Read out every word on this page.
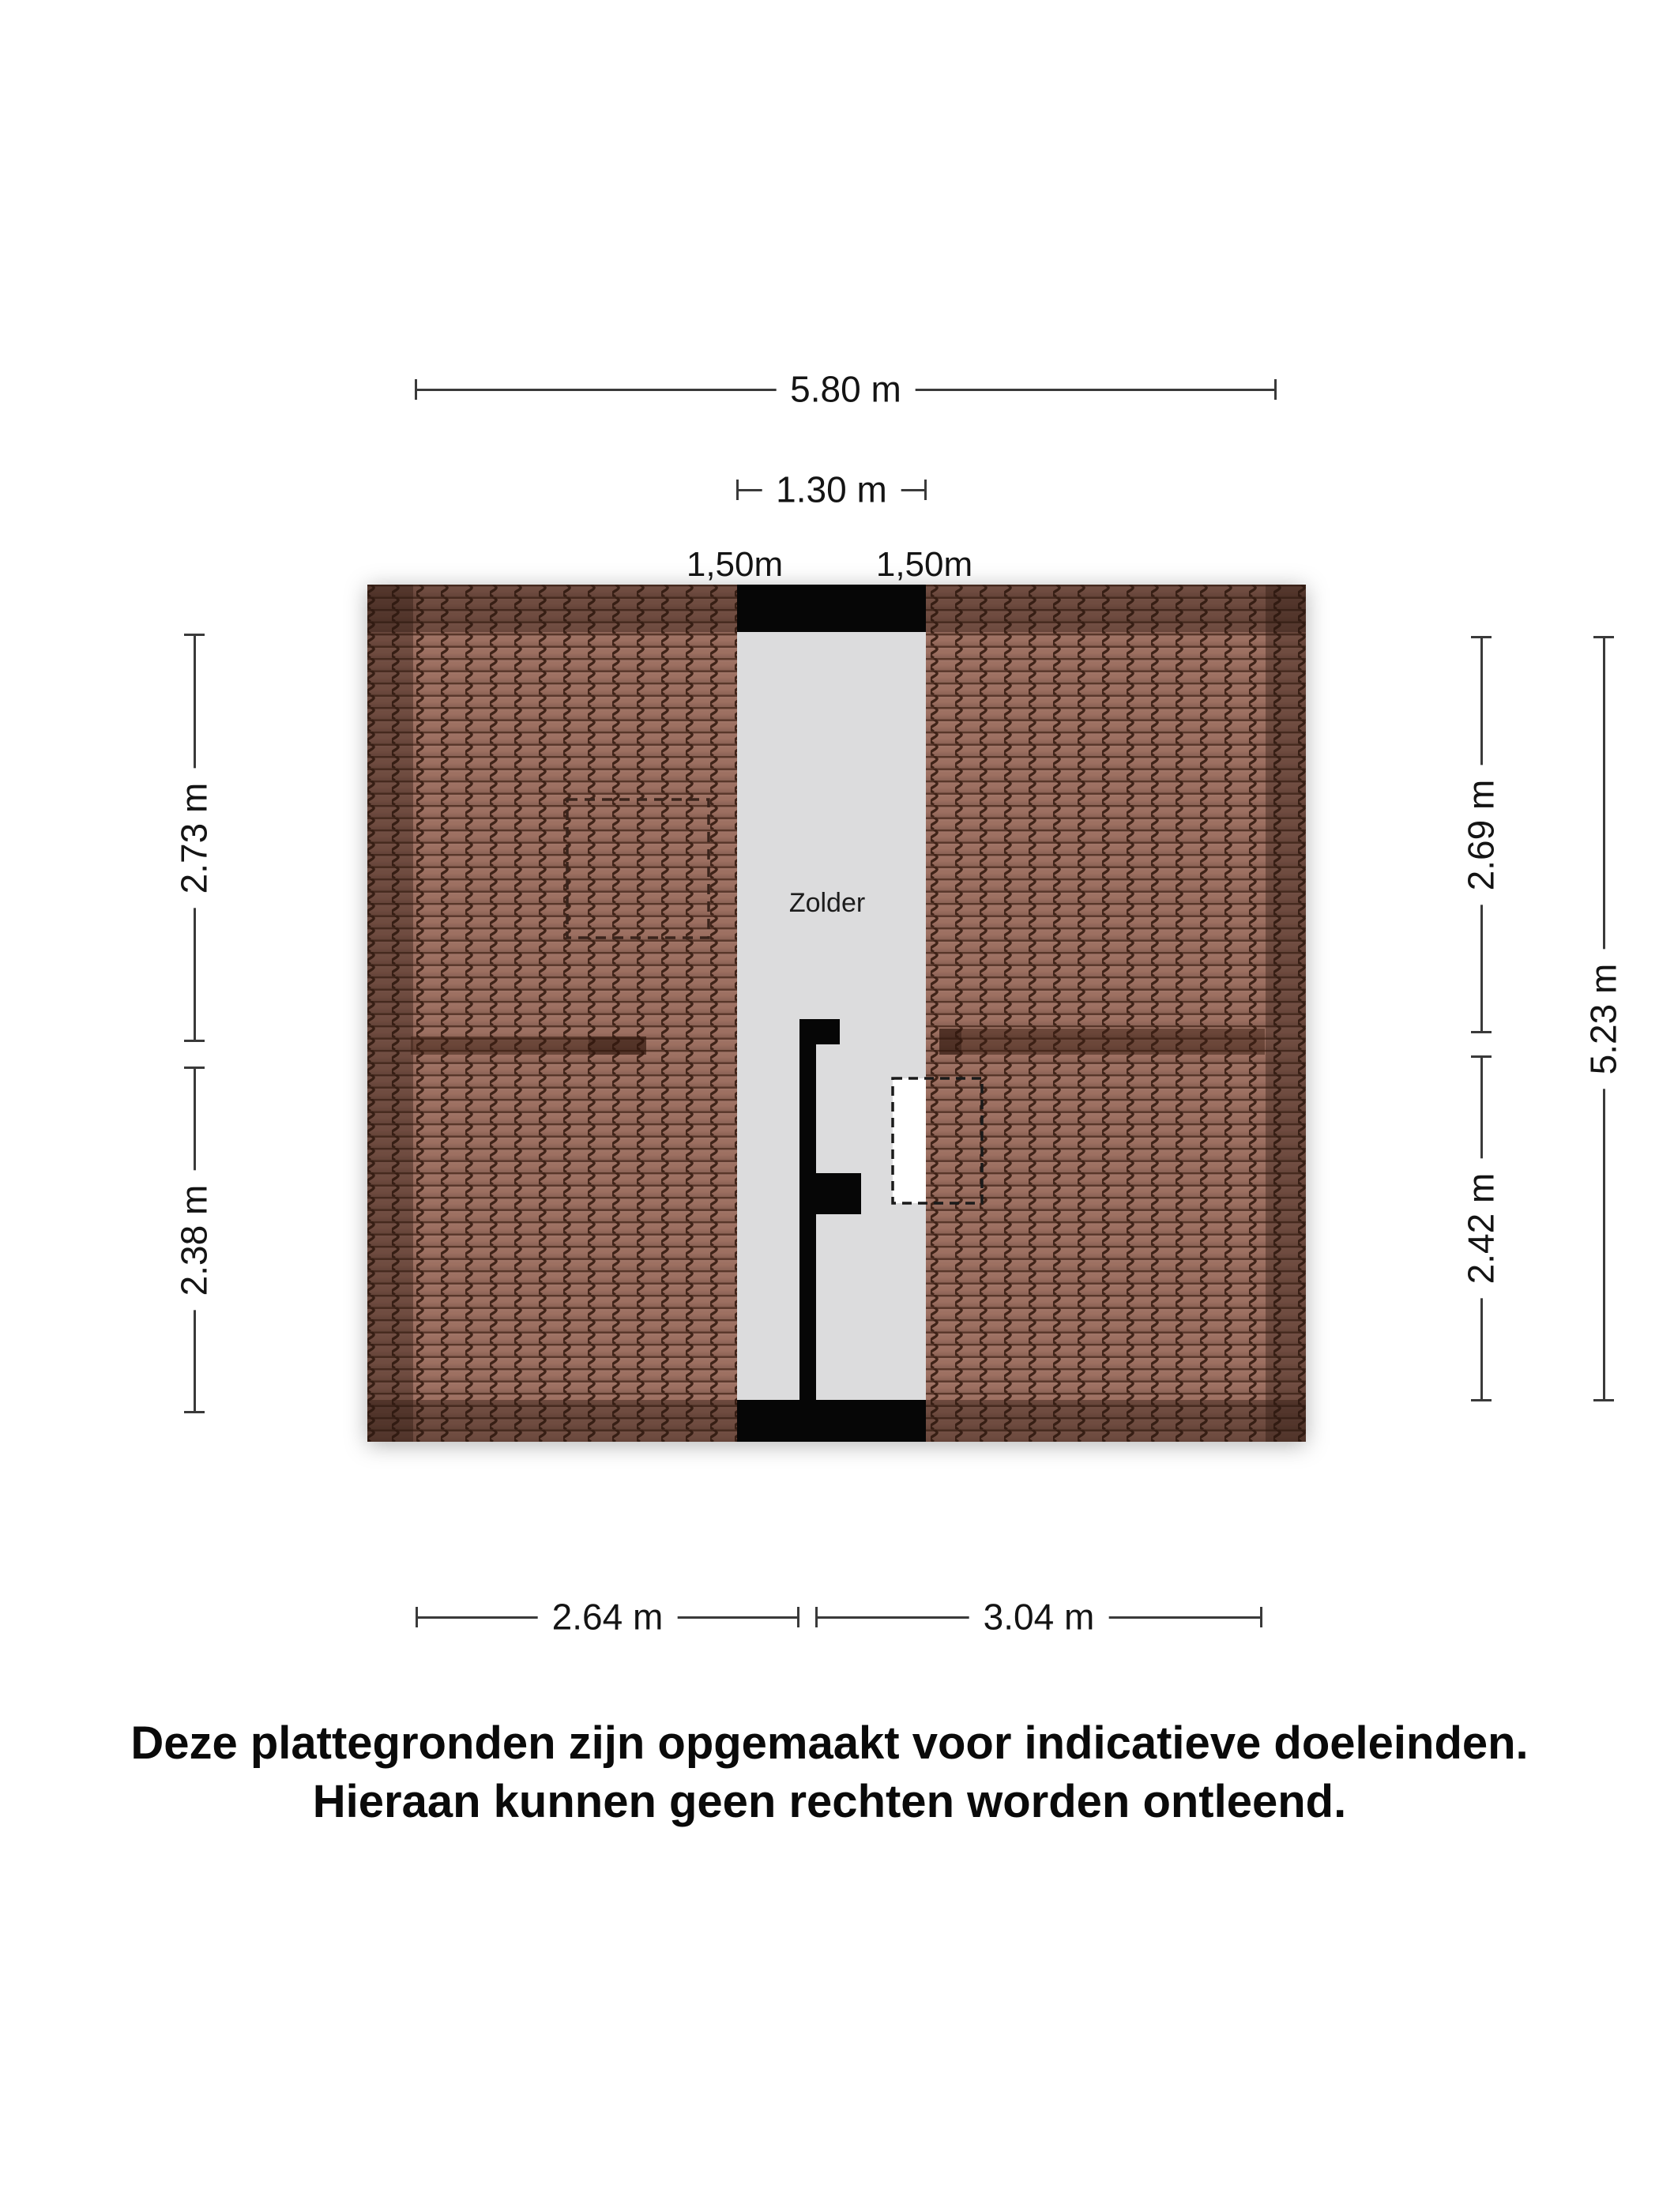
Zolder
5.80 m
1.30 m
1,50m	1,50m
2.73 m
2.38 m
2.69 m
2.42 m
5.23 m
2.64 m	3.04 m
Deze plattegronden zijn opgemaakt voor indicatieve doeleinden.
Hieraan kunnen geen rechten worden ontleend.
